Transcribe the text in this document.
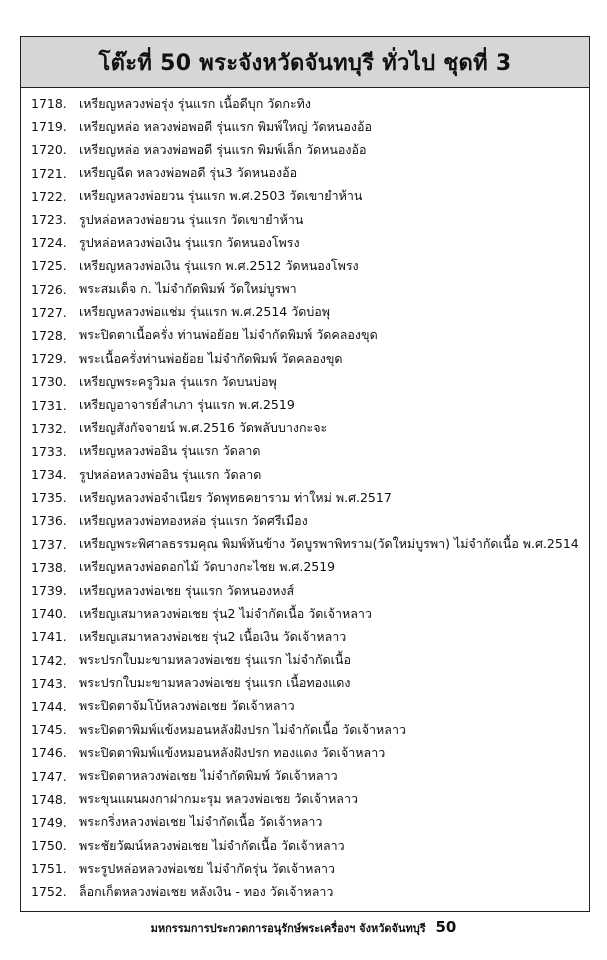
โต๊ะที่ 50 พระจังหวัดจันทบุรี ทั่วไป ชุดที่ 3
1718. เหรียญหลวงพ่อรุ่ง รุ่นแรก เนื้อดีบุก วัดกะทิง
1719. เหรียญหล่อ หลวงพ่อพอดี รุ่นแรก พิมพ์ใหญ่ วัดหนองอ้อ
1720. เหรียญหล่อ หลวงพ่อพอดี รุ่นแรก พิมพ์เล็ก วัดหนองอ้อ
1721. เหรียญฉีด หลวงพ่อพอดี รุ่น3 วัดหนองอ้อ
1722. เหรียญหลวงพ่อยวน รุ่นแรก พ.ศ.2503 วัดเขายำห้าน
1723. รูปหล่อหลวงพ่อยวน รุ่นแรก วัดเขายำห้าน
1724. รูปหล่อหลวงพ่อเงิน รุ่นแรก วัดหนองโพรง
1725. เหรียญหลวงพ่อเงิน รุ่นแรก พ.ศ.2512 วัดหนองโพรง
1726. พระสมเด็จ ก. ไม่จำกัดพิมพ์ วัดใหม่บูรพา
1727. เหรียญหลวงพ่อแช่ม รุ่นแรก พ.ศ.2514 วัดบ่อพุ
1728. พระปิดตาเนื้อครั่ง ท่านพ่อย้อย ไม่จำกัดพิมพ์ วัดคลองขุด
1729. พระเนื้อครั่งท่านพ่อย้อย ไม่จำกัดพิมพ์ วัดคลองขุด
1730. เหรียญพระครูวิมล รุ่นแรก วัดบนบ่อพุ
1731. เหรียญอาจารย์สำเภา รุ่นแรก พ.ศ.2519
1732. เหรียญสังกัจจายน์ พ.ศ.2516 วัดพลับบางกะจะ
1733. เหรียญหลวงพ่ออิน รุ่นแรก วัดลาด
1734. รูปหล่อหลวงพ่ออิน รุ่นแรก วัดลาด
1735. เหรียญหลวงพ่อจำเนียร วัดพุทธคยาราม ท่าใหม่ พ.ศ.2517
1736. เหรียญหลวงพ่อทองหล่อ รุ่นแรก วัดศรีเมือง
1737. เหรียญพระพิศาลธรรมคุณ พิมพ์หันข้าง วัดบูรพาพิทราม(วัดใหม่บูรพา) ไม่จำกัดเนื้อ พ.ศ.2514
1738. เหรียญหลวงพ่อดอกไม้ วัดบางกะไชย พ.ศ.2519
1739. เหรียญหลวงพ่อเชย รุ่นแรก วัดหนองหงส์
1740. เหรียญเสมาหลวงพ่อเชย รุ่น2 ไม่จำกัดเนื้อ วัดเจ้าหลาว
1741. เหรียญเสมาหลวงพ่อเชย รุ่น2 เนื้อเงิน วัดเจ้าหลาว
1742. พระปรกใบมะขามหลวงพ่อเชย รุ่นแรก ไม่จำกัดเนื้อ
1743. พระปรกใบมะขามหลวงพ่อเชย รุ่นแรก เนื้อทองแดง
1744. พระปิดตาจัมโบ้หลวงพ่อเชย วัดเจ้าหลาว
1745. พระปิดตาพิมพ์แข้งหมอนหลังฝังปรก ไม่จำกัดเนื้อ วัดเจ้าหลาว
1746. พระปิดตาพิมพ์แข้งหมอนหลังฝังปรก ทองแดง วัดเจ้าหลาว
1747. พระปิดตาหลวงพ่อเชย ไม่จำกัดพิมพ์ วัดเจ้าหลาว
1748. พระขุนแผนผงกาฝากมะรุม หลวงพ่อเชย วัดเจ้าหลาว
1749. พระกริ่งหลวงพ่อเชย ไม่จำกัดเนื้อ วัดเจ้าหลาว
1750. พระชัยวัฒน์หลวงพ่อเชย ไม่จำกัดเนื้อ วัดเจ้าหลาว
1751. พระรูปหล่อหลวงพ่อเชย ไม่จำกัดรุ่น วัดเจ้าหลาว
1752. ล็อกเก็ตหลวงพ่อเชย หลังเงิน - ทอง วัดเจ้าหลาว
มหกรรมการประกวดการอนุรักษ์พระเครื่องฯ จังหวัดจันทบุรี 50
